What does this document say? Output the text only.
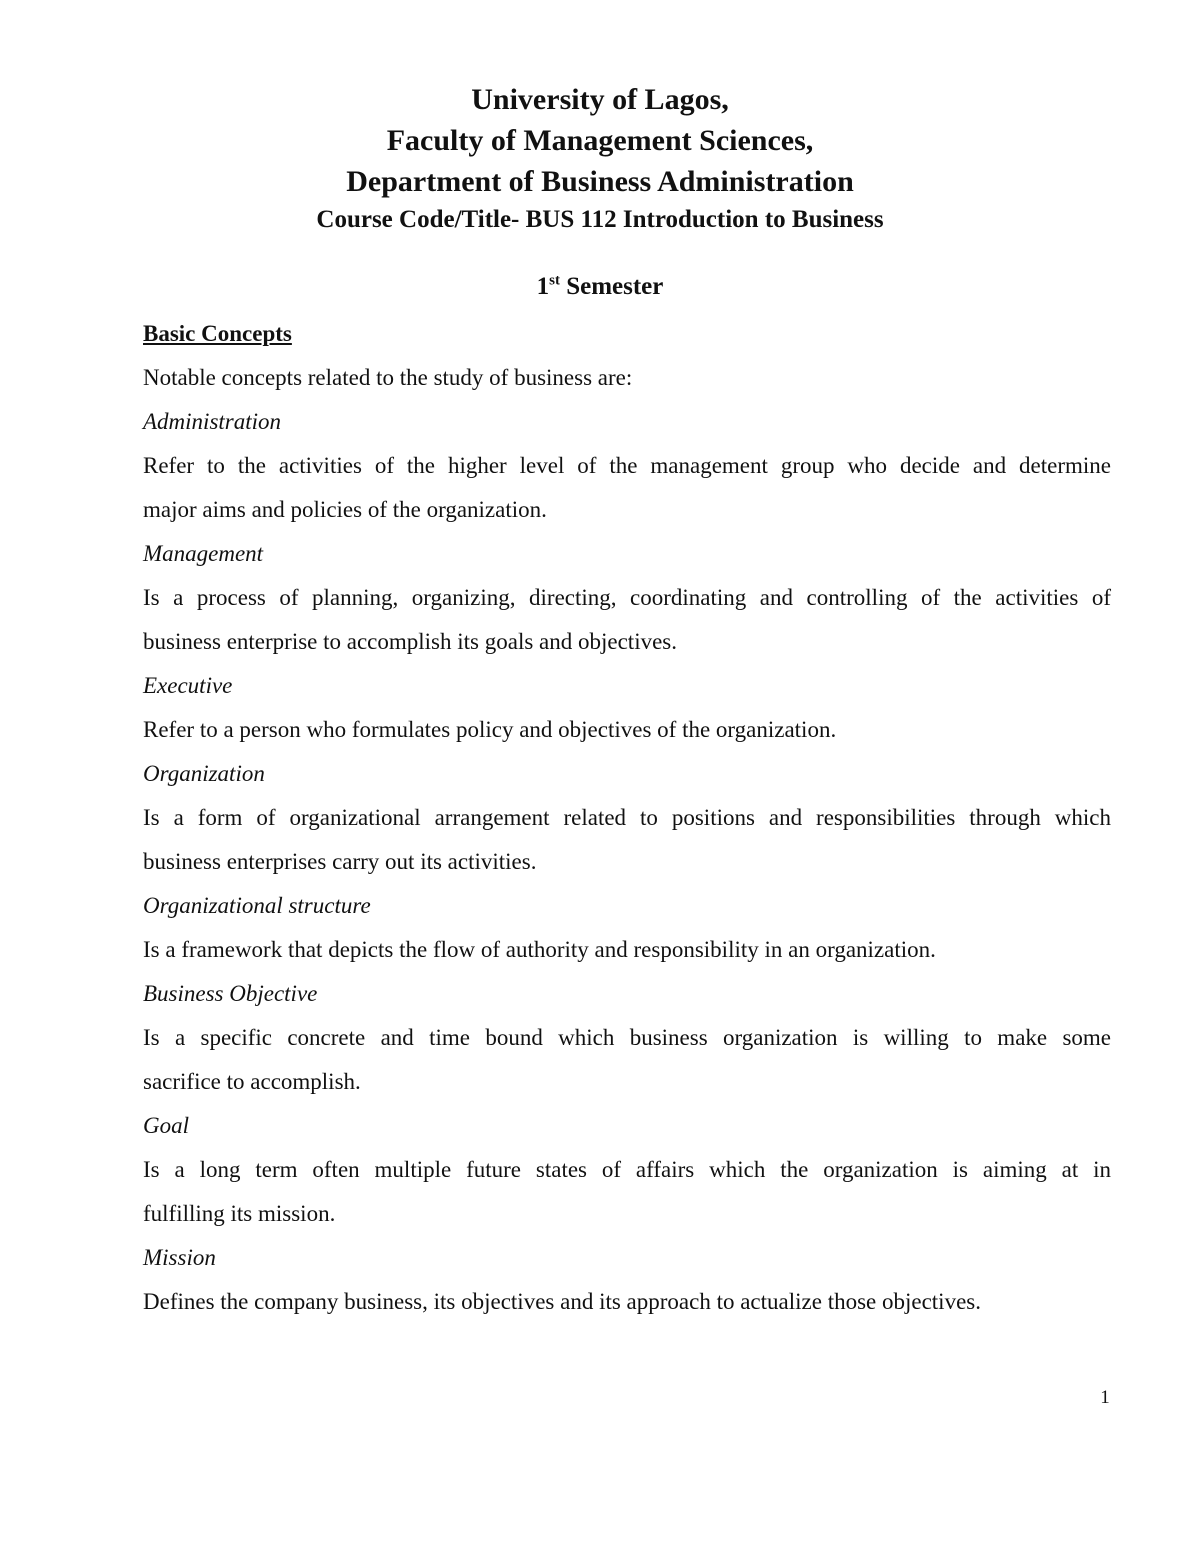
University of Lagos,
Faculty of Management Sciences,
Department of Business Administration
Course Code/Title- BUS 112 Introduction to Business
1st Semester
Basic Concepts
Notable concepts related to the study of business are:
Administration
Refer to the activities of the higher level of the management group who decide and determine
major aims and policies of the organization.
Management
Is a process of planning, organizing, directing, coordinating and controlling of the activities of
business enterprise to accomplish its goals and objectives.
Executive
Refer to a person who formulates policy and objectives of the organization.
Organization
Is a form of organizational arrangement related to positions and responsibilities through which
business enterprises carry out its activities.
Organizational structure
Is a framework that depicts the flow of authority and responsibility in an organization.
Business Objective
Is a specific concrete and time bound which business organization is willing to make some
sacrifice to accomplish.
Goal
Is a long term often multiple future states of affairs which the organization is aiming at in
fulfilling its mission.
Mission
Defines the company business, its objectives and its approach to actualize those objectives.
1
